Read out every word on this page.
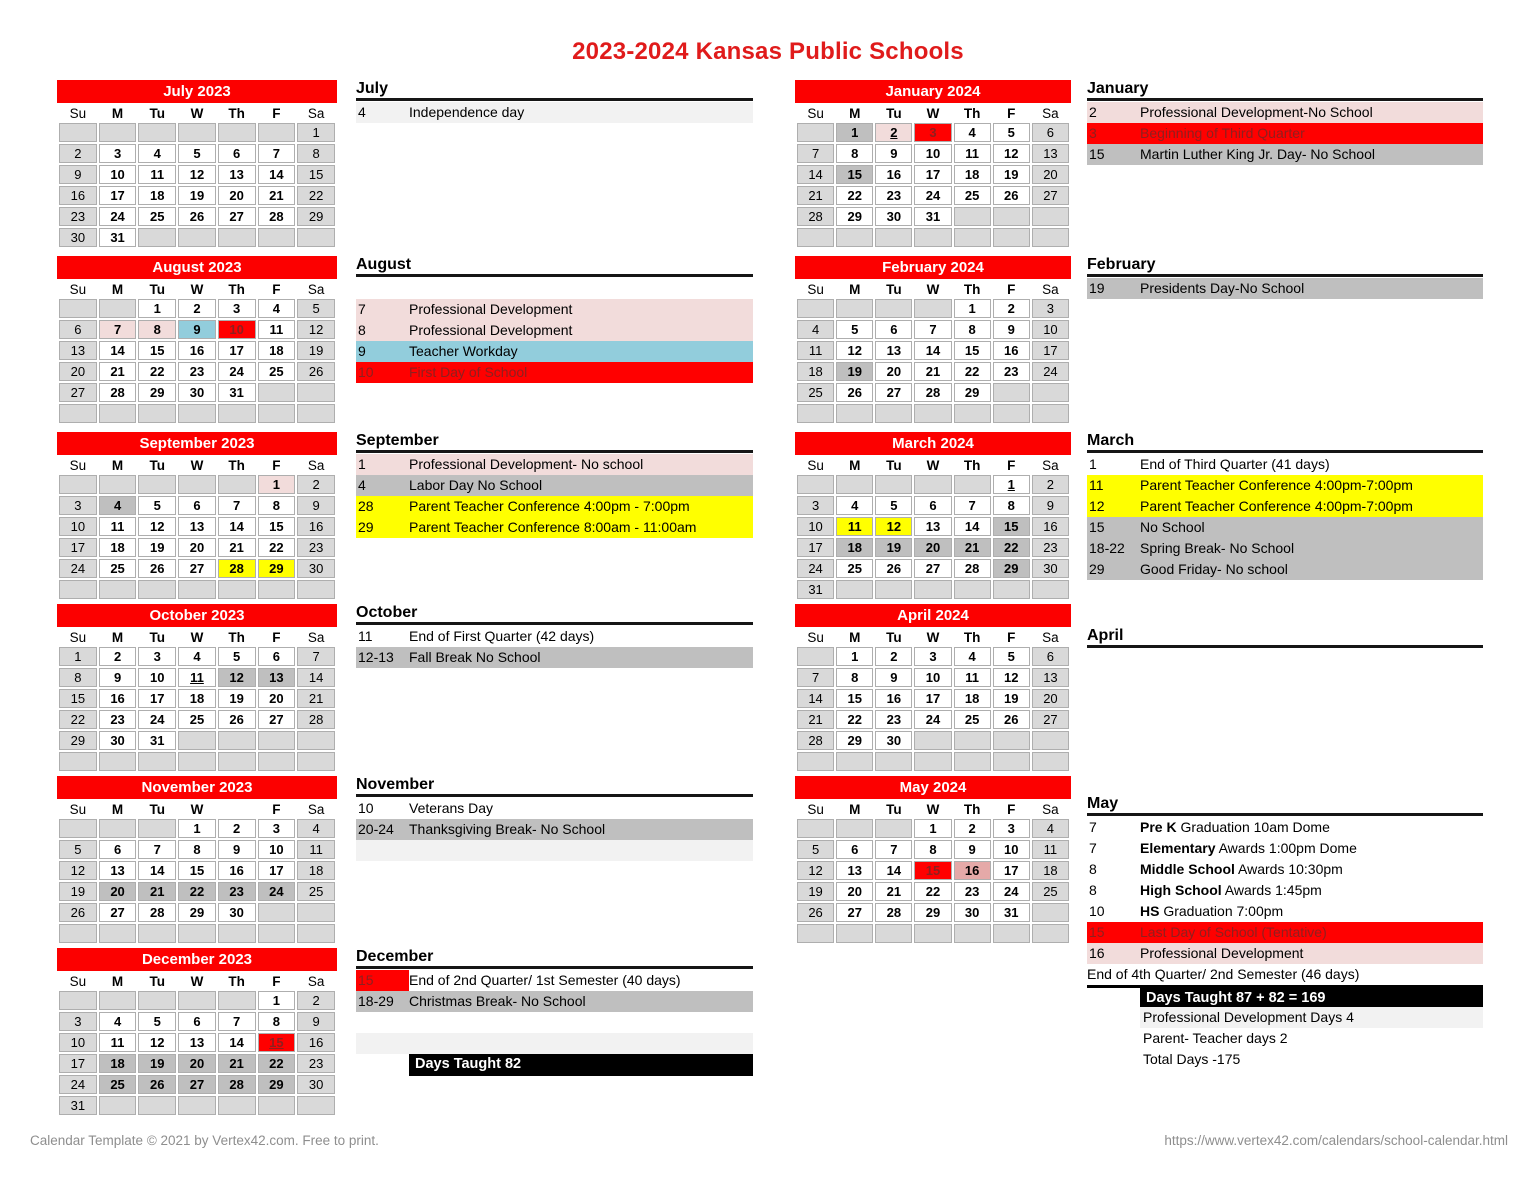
2023-2024 Kansas Public Schools
July 2023
Su	M	Tu	W	Th	F	Sa
						1
2	3	4	5	6	7	8
9	10	11	12	13	14	15
16	17	18	19	20	21	22
23	24	25	26	27	28	29
30	31					
August 2023
Su	M	Tu	W	Th	F	Sa
		1	2	3	4	5
6	7	8	9	10	11	12
13	14	15	16	17	18	19
20	21	22	23	24	25	26
27	28	29	30	31		

September 2023
Su	M	Tu	W	Th	F	Sa
					1	2
3	4	5	6	7	8	9
10	11	12	13	14	15	16
17	18	19	20	21	22	23
24	25	26	27	28	29	30

October 2023
Su	M	Tu	W	Th	F	Sa
1	2	3	4	5	6	7
8	9	10	11	12	13	14
15	16	17	18	19	20	21
22	23	24	25	26	27	28
29	30	31				

November 2023
Su	M	Tu	W		F	Sa
			1	2	3	4
5	6	7	8	9	10	11
12	13	14	15	16	17	18
19	20	21	22	23	24	25
26	27	28	29	30		

December 2023
Su	M	Tu	W	Th	F	Sa
					1	2
3	4	5	6	7	8	9
10	11	12	13	14	15	16
17	18	19	20	21	22	23
24	25	26	27	28	29	30
31						
January 2024
Su	M	Tu	W	Th	F	Sa
	1	2	3	4	5	6
7	8	9	10	11	12	13
14	15	16	17	18	19	20
21	22	23	24	25	26	27
28	29	30	31			

February 2024
Su	M	Tu	W	Th	F	Sa
				1	2	3
4	5	6	7	8	9	10
11	12	13	14	15	16	17
18	19	20	21	22	23	24
25	26	27	28	29		

March 2024
Su	M	Tu	W	Th	F	Sa
					1	2
3	4	5	6	7	8	9
10	11	12	13	14	15	16
17	18	19	20	21	22	23
24	25	26	27	28	29	30
31						
April 2024
Su	M	Tu	W	Th	F	Sa
	1	2	3	4	5	6
7	8	9	10	11	12	13
14	15	16	17	18	19	20
21	22	23	24	25	26	27
28	29	30				

May 2024
Su	M	Tu	W	Th	F	Sa
			1	2	3	4
5	6	7	8	9	10	11
12	13	14	15	16	17	18
19	20	21	22	23	24	25
26	27	28	29	30	31	

July
4	Independence day
August
7	Professional Development
8	Professional Development
9	Teacher Workday
10	First Day of School
September
1	Professional Development- No school
4	Labor Day No School
28	Parent Teacher Conference 4:00pm - 7:00pm
29	Parent Teacher Conference 8:00am - 11:00am
October
11	End of First Quarter (42 days)
12-13	Fall Break No School
November
10	Veterans Day
20-24	Thanksgiving Break- No School
December
15	End of 2nd Quarter/ 1st Semester (40 days)
18-29	Christmas Break- No School
Days Taught 82
January
2	Professional Development-No School
3	Beginning of Third Quarter
15	Martin Luther King Jr. Day- No School
February
19	Presidents Day-No School
March
1	End of Third Quarter (41 days)
11	Parent Teacher Conference 4:00pm-7:00pm
12	Parent Teacher Conference 4:00pm-7:00pm
15	No School
18-22	Spring Break- No School
29	Good Friday- No school
April
May
7	Pre K Graduation 10am Dome
7	Elementary Awards 1:00pm Dome
8	Middle School Awards 10:30pm
8	High School Awards 1:45pm
10	HS Graduation 7:00pm
15	Last Day of School (Tentative)
16	Professional Development
End of 4th Quarter/ 2nd Semester (46 days)
Days Taught 87 + 82 = 169
Professional Development Days 4
Parent- Teacher days 2
Total Days -175
Calendar Template © 2021 by Vertex42.com. Free to print.	https://www.vertex42.com/calendars/school-calendar.html
